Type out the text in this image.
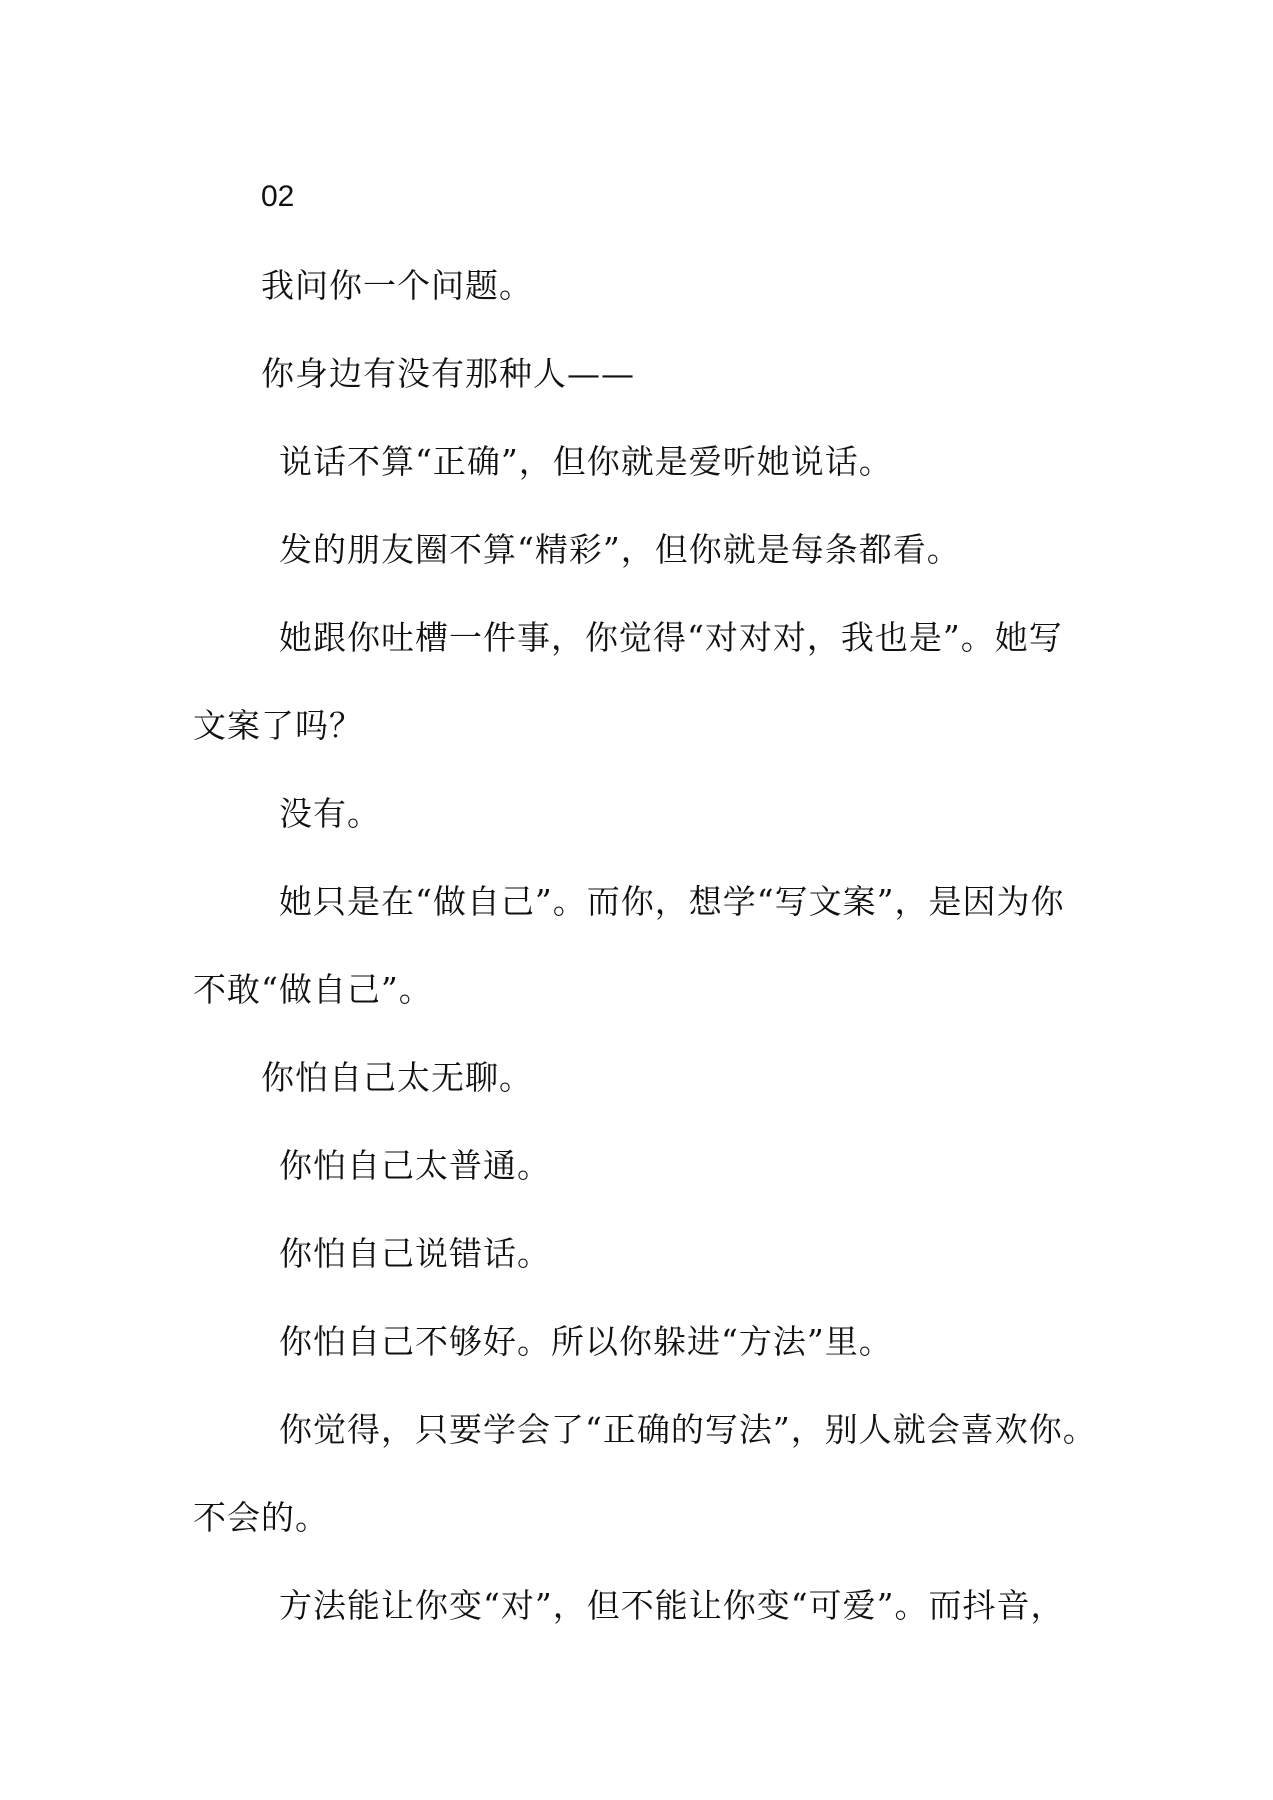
02
我问你一个问题。
你身边有没有那种人——
说话不算“正确”，但你就是爱听她说话。
发的朋友圈不算“精彩”，但你就是每条都看。
她跟你吐槽一件事，你觉得“对对对，我也是”。她写
文案了吗？
没有。
她只是在“做自己”。而你，想学“写文案”，是因为你
不敢“做自己”。
你怕自己太无聊。
你怕自己太普通。
你怕自己说错话。
你怕自己不够好。所以你躲进“方法”里。
你觉得，只要学会了“正确的写法”，别人就会喜欢你。
不会的。
方法能让你变“对”，但不能让你变“可爱”。而抖音，
